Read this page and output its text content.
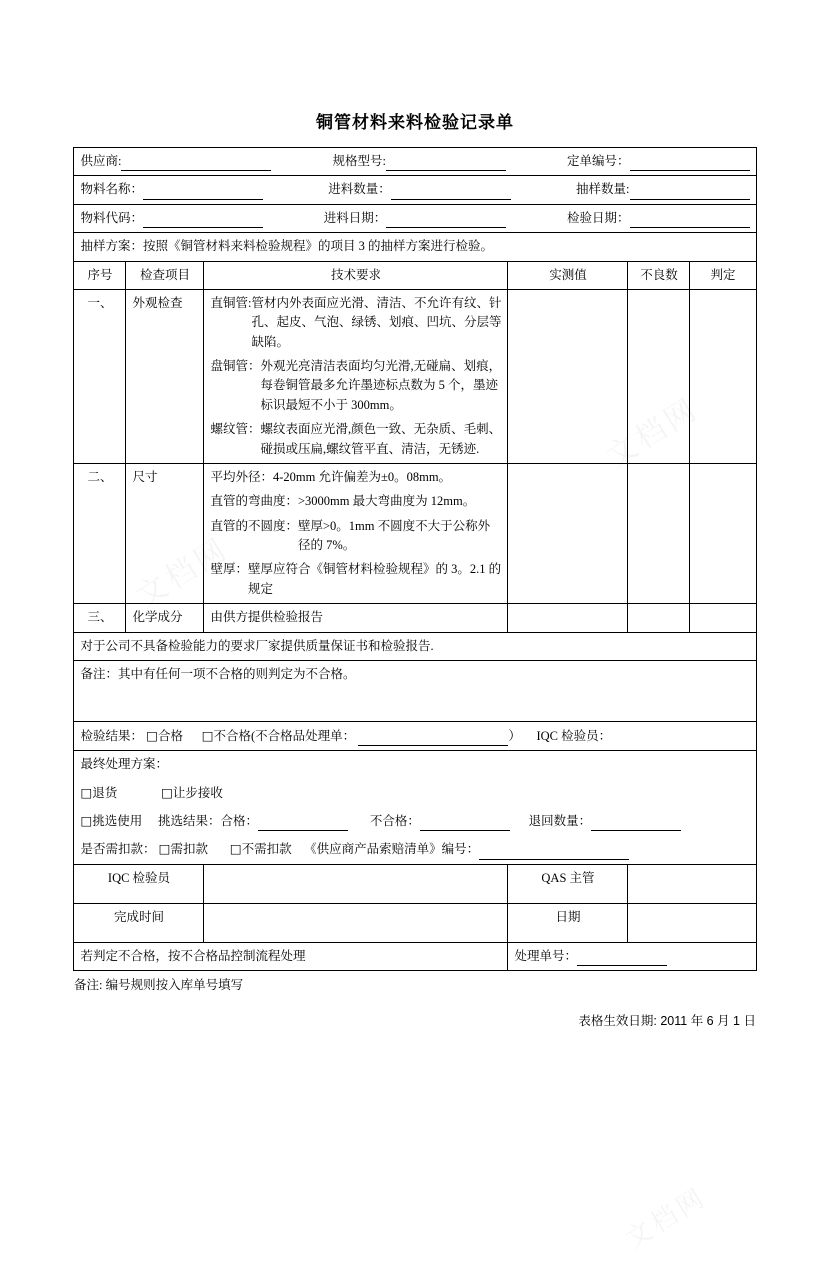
铜管材料来料检验记录单
供应商: 规格型号: 定单编号：					

物料名称： 进料数量： 抽样数量:					

物料代码： 进料日期： 检验日期：					

抽样方案：按照《铜管材料来料检验规程》的项目 3 的抽样方案进行检验。					
序号	检查项目	技术要求	实测值	不良数	判定
一、	外观检查	直铜管: 管材内外表面应光滑、清洁、不允许有纹、针孔、起皮、气泡、绿锈、划痕、凹坑、分层等缺陷。
盘铜管： 外观光亮清洁表面均匀光滑,无碰扁、划痕，每卷铜管最多允许墨迹标点数为 5 个，墨迹标识最短不小于 300mm。
螺纹管： 螺纹表面应光滑,颜色一致、无杂质、毛刺、碰损或压扁,螺纹管平直、清洁，无锈迹.

二、	尺寸	平均外径 ：4-20mm 允许偏差为±0。08mm。
直管的弯曲度： >3000mm 最大弯曲度为 12mm。
直管的不圆度： 壁厚>0。1mm 不圆度不大于公称外径的 7%。
壁厚： 壁厚应符合《铜管材料检验规程》的 3。2.1 的规定

三、	化学成分	由供方提供检验报告			
对于公司不具备检验能力的要求厂家提供质量保证书和检验报告.					
备注：其中有任何一项不合格的则判定为不合格。					
检验结果： □合格 □不合格(不合格品处理单： ） IQC 检验员：					

最终处理方案：
□退货 □让步接收
□挑选使用 挑选结果：合格： 不合格： 退回数量：
是否需扣款： □需扣款 □不需扣款 《供应商产品索赔清单》编号：					

IQC 检验员			QAS 主管		
完成时间			日期		
若判定不合格，按不合格品控制流程处理			处理单号：		
备注: 编号规则按入库单号填写
表格生效日期: 2011 年 6 月 1 日
